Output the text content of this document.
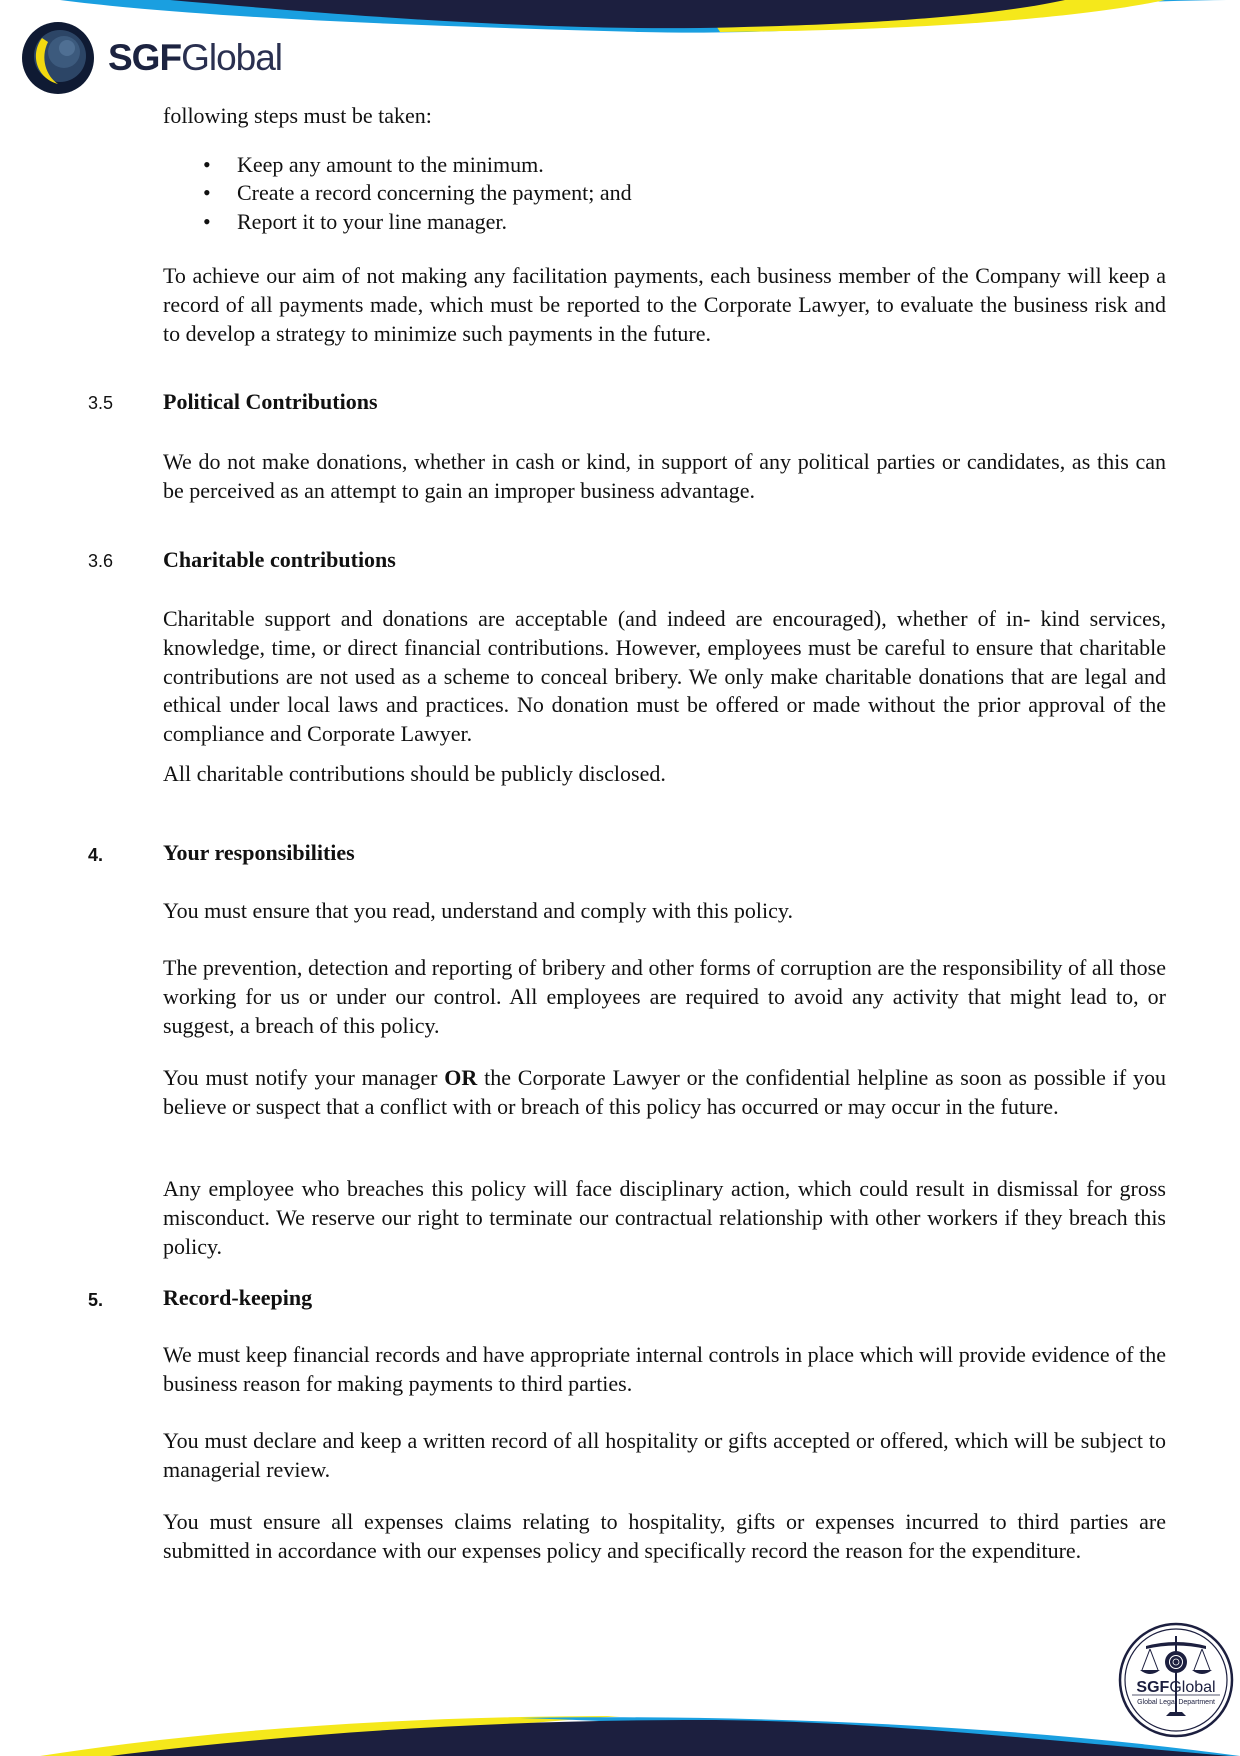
SGFGlobal

following steps must be taken:

• Keep any amount to the minimum.
• Create a record concerning the payment; and
• Report it to your line manager.

To achieve our aim of not making any facilitation payments, each business member of the Company will keep a record of all payments made, which must be reported to the Corporate Lawyer, to evaluate the business risk and to develop a strategy to minimize such payments in the future.

3.5 Political Contributions

We do not make donations, whether in cash or kind, in support of any political parties or candidates, as this can be perceived as an attempt to gain an improper business advantage.

3.6 Charitable contributions

Charitable support and donations are acceptable (and indeed are encouraged), whether of in- kind services, knowledge, time, or direct financial contributions. However, employees must be careful to ensure that charitable contributions are not used as a scheme to conceal bribery. We only make charitable donations that are legal and ethical under local laws and practices. No donation must be offered or made without the prior approval of the compliance and Corporate Lawyer.

All charitable contributions should be publicly disclosed.

4.	Your responsibilities

You must ensure that you read, understand and comply with this policy.

The prevention, detection and reporting of bribery and other forms of corruption are the responsibility of all those working for us or under our control. All employees are required to avoid any activity that might lead to, or suggest, a breach of this policy.

You must notify your manager OR the Corporate Lawyer or the confidential helpline as soon as possible if you believe or suspect that a conflict with or breach of this policy has occurred or may occur in the future.

Any employee who breaches this policy will face disciplinary action, which could result in dismissal for gross misconduct. We reserve our right to terminate our contractual relationship with other workers if they breach this policy.

5.	Record-keeping

We must keep financial records and have appropriate internal controls in place which will provide evidence of the business reason for making payments to third parties.

You must declare and keep a written record of all hospitality or gifts accepted or offered, which will be subject to managerial review.

You must ensure all expenses claims relating to hospitality, gifts or expenses incurred to third parties are submitted in accordance with our expenses policy and specifically record the reason for the expenditure.

SGFGlobal
Global Legal Department
